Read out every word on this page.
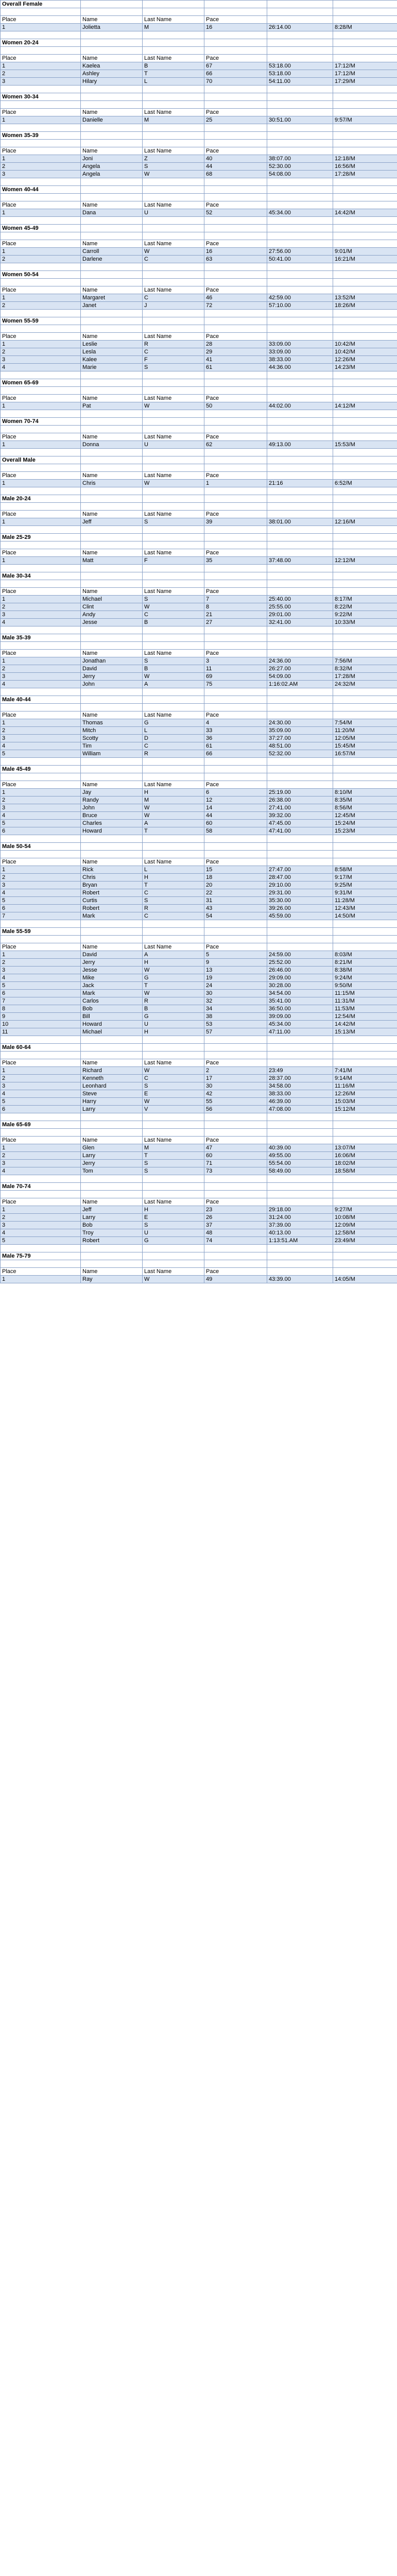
Overall Female					

Place	Name	Last Name	Pace		
1	Jolietta	M	16	26:14.00	8:28/M

Women 20-24					

Place	Name	Last Name	Pace		
1	Kaelea	B	67	53:18.00	17:12/M
2	Ashley	T	66	53:18.00	17:12/M
3	Hilary	L	70	54:11.00	17:29/M

Women 30-34					

Place	Name	Last Name	Pace		
1	Danielle	M	25	30:51.00	9:57/M

Women 35-39					

Place	Name	Last Name	Pace		
1	Joni	Z	40	38:07.00	12:18/M
2	Angela	S	44	52:30.00	16:56/M
3	Angela	W	68	54:08.00	17:28/M

Women 40-44					

Place	Name	Last Name	Pace		
1	Dana	U	52	45:34.00	14:42/M

Women 45-49					

Place	Name	Last Name	Pace		
1	Carroll	W	16	27:56.00	9:01/M
2	Darlene	C	63	50:41.00	16:21/M

Women 50-54					

Place	Name	Last Name	Pace		
1	Margaret	C	46	42:59.00	13:52/M
2	Janet	J	72	57:10.00	18:26/M

Women 55-59					

Place	Name	Last Name	Pace		
1	Leslie	R	28	33:09.00	10:42/M
2	Lesla	C	29	33:09.00	10:42/M
3	Kalee	F	41	38:33.00	12:26/M
4	Marie	S	61	44:36.00	14:23/M

Women 65-69					

Place	Name	Last Name	Pace		
1	Pat	W	50	44:02.00	14:12/M

Women 70-74					

Place	Name	Last Name	Pace		
1	Donna	U	62	49:13.00	15:53/M

Overall Male					

Place	Name	Last Name	Pace		
1	Chris	W	1	21:16	6:52/M

Male 20-24					

Place	Name	Last Name	Pace		
1	Jeff	S	39	38:01.00	12:16/M

Male 25-29					

Place	Name	Last Name	Pace		
1	Matt	F	35	37:48.00	12:12/M

Male 30-34					

Place	Name	Last Name	Pace		
1	Michael	S	7	25:40.00	8:17/M
2	Clint	W	8	25:55.00	8:22/M
3	Andy	C	21	29:01.00	9:22/M
4	Jesse	B	27	32:41.00	10:33/M

Male 35-39					

Place	Name	Last Name	Pace		
1	Jonathan	S	3	24:36.00	7:56/M
2	David	B	11	26:27.00	8:32/M
3	Jerry	W	69	54:09.00	17:28/M
4	John	A	75	1:16:02.AM	24:32/M

Male 40-44					

Place	Name	Last Name	Pace		
1	Thomas	G	4	24:30.00	7:54/M
2	Mitch	L	33	35:09.00	11:20/M
3	Scotty	D	36	37:27.00	12:05/M
4	Tim	C	61	48:51.00	15:45/M
5	William	R	66	52:32.00	16:57/M

Male 45-49					

Place	Name	Last Name	Pace		
1	Jay	H	6	25:19.00	8:10/M
2	Randy	M	12	26:38.00	8:35/M
3	John	W	14	27:41.00	8:56/M
4	Bruce	W	44	39:32.00	12:45/M
5	Charles	A	60	47:45.00	15:24/M
6	Howard	T	58	47:41.00	15:23/M

Male 50-54					

Place	Name	Last Name	Pace		
1	Rick	L	15	27:47.00	8:58/M
2	Chris	H	18	28:47.00	9:17/M
3	Bryan	T	20	29:10.00	9:25/M
4	Robert	C	22	29:31.00	9:31/M
5	Curtis	S	31	35:30.00	11:28/M
6	Robert	R	43	39:26.00	12:43/M
7	Mark	C	54	45:59.00	14:50/M

Male 55-59					

Place	Name	Last Name	Pace		
1	David	A	5	24:59.00	8:03/M
2	Jerry	H	9	25:52.00	8:21/M
3	Jesse	W	13	26:46.00	8:38/M
4	Mike	G	19	29:09.00	9:24/M
5	Jack	T	24	30:28.00	9:50/M
6	Mark	W	30	34:54.00	11:15/M
7	Carlos	R	32	35:41.00	11:31/M
8	Bob	B	34	36:50.00	11:53/M
9	Bill	G	38	39:09.00	12:54/M
10	Howard	U	53	45:34.00	14:42/M
11	Michael	H	57	47:11.00	15:13/M

Male 60-64					

Place	Name	Last Name	Pace		
1	Richard	W	2	23:49	7:41/M
2	Kenneth	C	17	28:37.00	9:14/M
3	Leonhard	S	30	34:58.00	11:16/M
4	Steve	E	42	38:33.00	12:26/M
5	Harry	W	55	46:39.00	15:03/M
6	Larry	V	56	47:08.00	15:12/M

Male 65-69					

Place	Name	Last Name	Pace		
1	Glen	M	47	40:39.00	13:07/M
2	Larry	T	60	49:55.00	16:06/M
3	Jerry	S	71	55:54.00	18:02/M
4	Tom	S	73	58:49.00	18:58/M

Male 70-74					

Place	Name	Last Name	Pace		
1	Jeff	H	23	29:18.00	9:27/M
2	Larry	E	26	31:24.00	10:08/M
3	Bob	S	37	37:39.00	12:09/M
4	Troy	U	48	40:13.00	12:58/M
5	Robert	G	74	1:13:51.AM	23:49/M

Male 75-79					

Place	Name	Last Name	Pace		
1	Ray	W	49	43:39.00	14:05/M
